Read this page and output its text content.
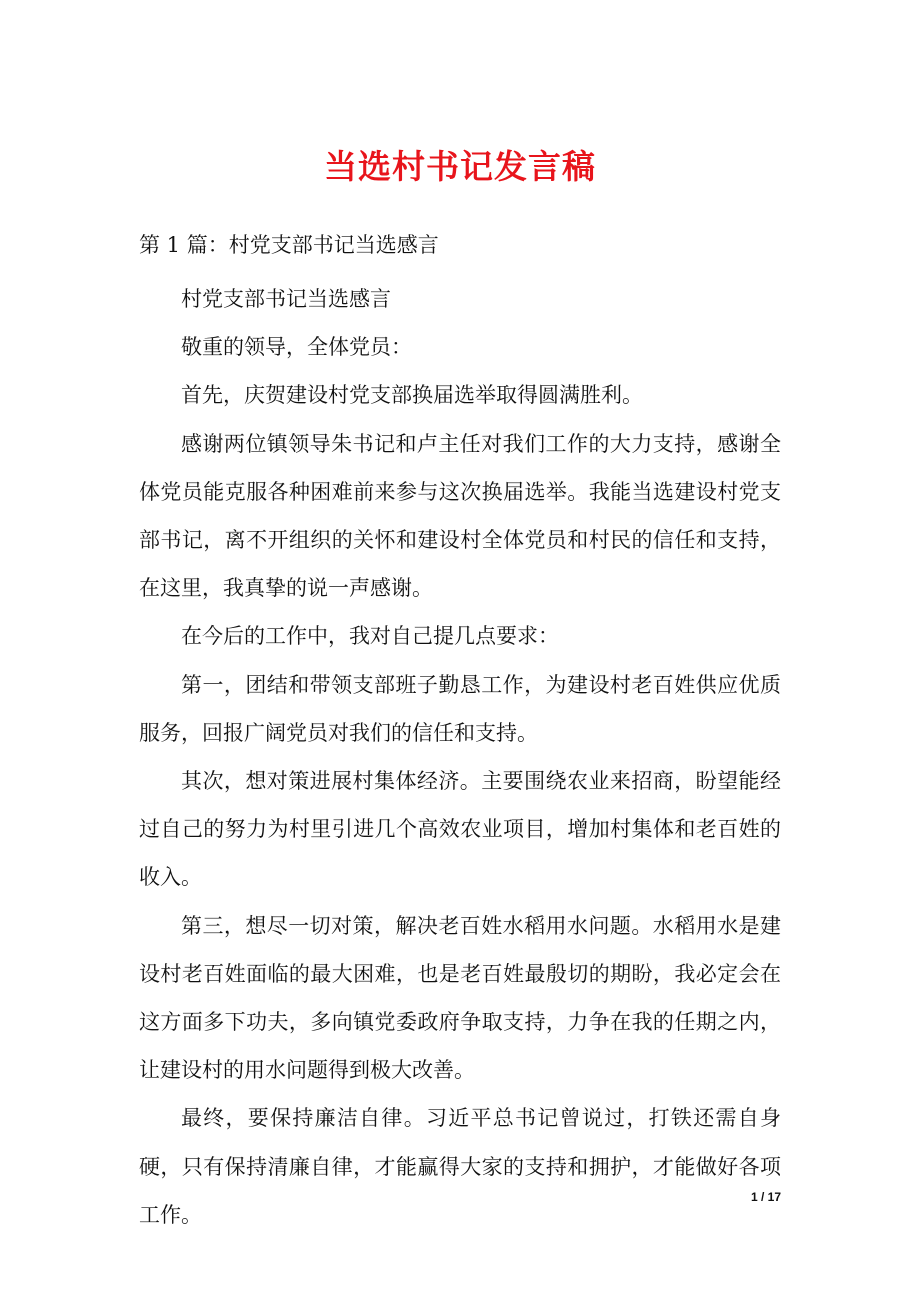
当选村书记发言稿
第 1 篇：村党支部书记当选感言

村党支部书记当选感言

敬重的领导，全体党员：

首先，庆贺建设村党支部换届选举取得圆满胜利。

感谢两位镇领导朱书记和卢主任对我们工作的大力支持，感谢全体党员能克服各种困难前来参与这次换届选举。我能当选建设村党支部书记，离不开组织的关怀和建设村全体党员和村民的信任和支持，在这里，我真挚的说一声感谢。

在今后的工作中，我对自己提几点要求：

第一，团结和带领支部班子勤恳工作，为建设村老百姓供应优质服务，回报广阔党员对我们的信任和支持。

其次，想对策进展村集体经济。主要围绕农业来招商，盼望能经过自己的努力为村里引进几个高效农业项目，增加村集体和老百姓的收入。

第三，想尽一切对策，解决老百姓水稻用水问题。水稻用水是建设村老百姓面临的最大困难，也是老百姓最殷切的期盼，我必定会在这方面多下功夫，多向镇党委政府争取支持，力争在我的任期之内，让建设村的用水问题得到极大改善。

最终，要保持廉洁自律。习近平总书记曾说过，打铁还需自身硬，只有保持清廉自律，才能赢得大家的支持和拥护，才能做好各项工作。

1 / 17
